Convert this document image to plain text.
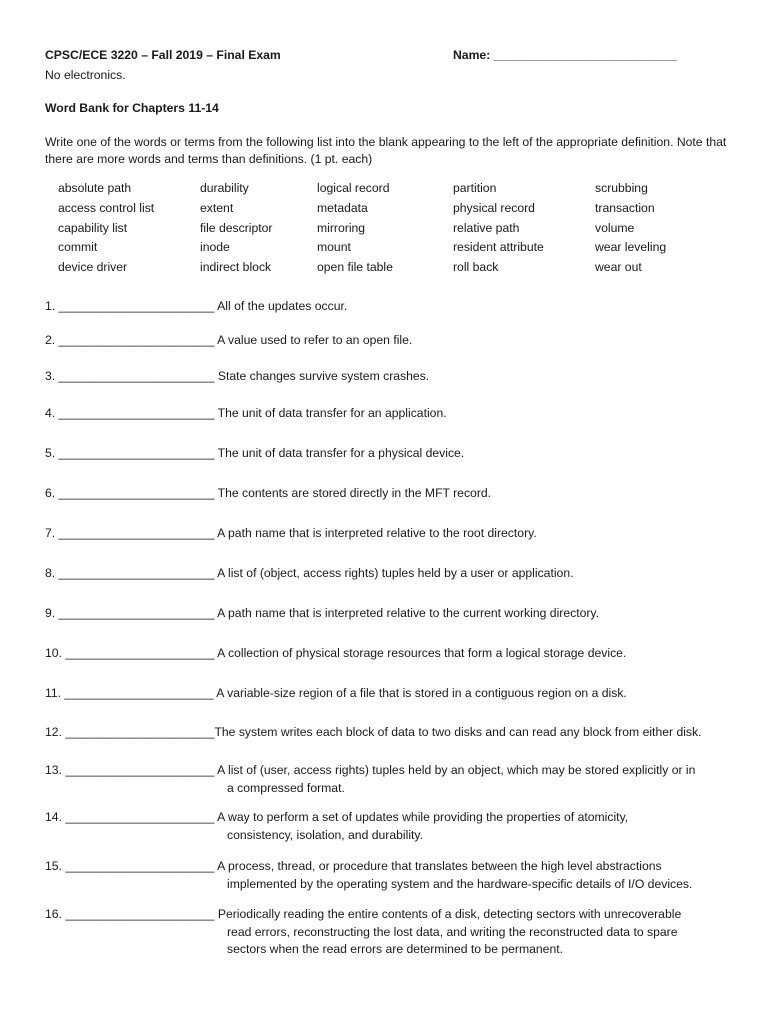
CPSC/ECE 3220 – Fall 2019 – Final Exam	Name: ___________________________
No electronics.
Word Bank for Chapters 11-14
Write one of the words or terms from the following list into the blank appearing to the left of the appropriate definition. Note that there are more words and terms than definitions. (1 pt. each)
absolute path
access control list
capability list
commit
device driver
durability
extent
file descriptor
inode
indirect block
logical record
metadata
mirroring
mount
open file table
partition
physical record
relative path
resident attribute
roll back
scrubbing
transaction
volume
wear leveling
wear out
1. _______________________ All of the updates occur.
2. _______________________ A value used to refer to an open file.
3. _______________________ State changes survive system crashes.
4. _______________________ The unit of data transfer for an application.
5. _______________________ The unit of data transfer for a physical device.
6. _______________________ The contents are stored directly in the MFT record.
7. _______________________ A path name that is interpreted relative to the root directory.
8. _______________________ A list of (object, access rights) tuples held by a user or application.
9. _______________________ A path name that is interpreted relative to the current working directory.
10. ______________________ A collection of physical storage resources that form a logical storage device.
11. ______________________ A variable-size region of a file that is stored in a contiguous region on a disk.
12. ______________________The system writes each block of data to two disks and can read any block from either disk.
13. ______________________ A list of (user, access rights) tuples held by an object, which may be stored explicitly or in
a compressed format.
14. ______________________ A way to perform a set of updates while providing the properties of atomicity,
consistency, isolation, and durability.
15. ______________________ A process, thread, or procedure that translates between the high level abstractions
implemented by the operating system and the hardware-specific details of I/O devices.
16. ______________________ Periodically reading the entire contents of a disk, detecting sectors with unrecoverable
read errors, reconstructing the lost data, and writing the reconstructed data to spare
sectors when the read errors are determined to be permanent.
